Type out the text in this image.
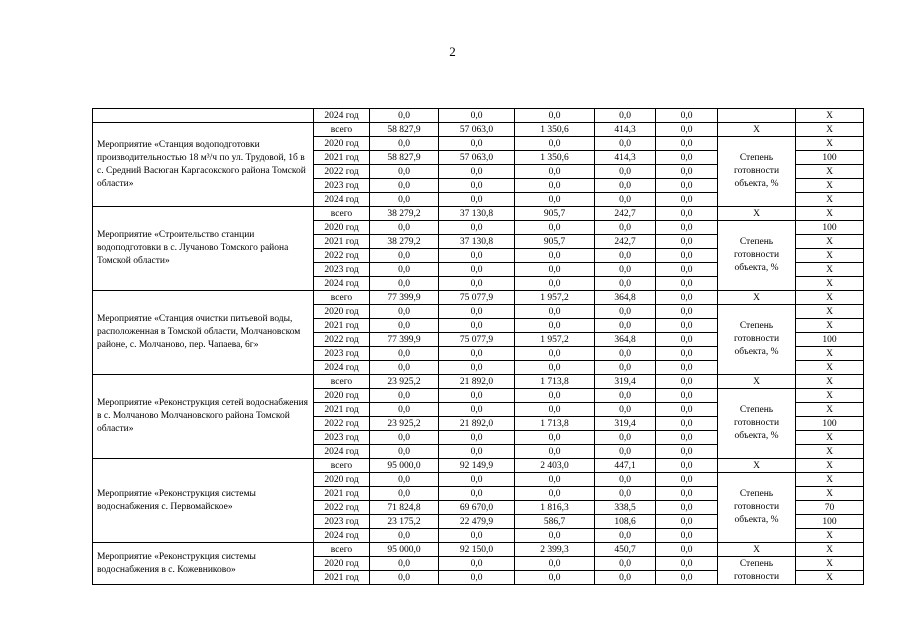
2
	2024 год	0,0	0,0	0,0	0,0	0,0		X
Мероприятие «Станция водоподготовки производительностью 18 м³/ч по ул. Трудовой, 1б в с. Средний Васюган Каргасокского района Томской области»	всего	58 827,9	57 063,0	1 350,6	414,3	0,0	X	X
	2020 год	0,0	0,0	0,0	0,0	0,0	Степень готовности объекта, %	X
	2021 год	58 827,9	57 063,0	1 350,6	414,3	0,0		100
	2022 год	0,0	0,0	0,0	0,0	0,0		X
	2023 год	0,0	0,0	0,0	0,0	0,0		X
	2024 год	0,0	0,0	0,0	0,0	0,0		X
Мероприятие «Строительство станции водоподготовки в с. Лучаново Томского района Томской области»	всего	38 279,2	37 130,8	905,7	242,7	0,0	X	X
	2020 год	0,0	0,0	0,0	0,0	0,0	Степень готовности объекта, %	100
	2021 год	38 279,2	37 130,8	905,7	242,7	0,0		X
	2022 год	0,0	0,0	0,0	0,0	0,0		X
	2023 год	0,0	0,0	0,0	0,0	0,0		X
	2024 год	0,0	0,0	0,0	0,0	0,0		X
Мероприятие «Станция очистки питьевой воды, расположенная в Томской области, Молчановском районе, с. Молчаново, пер. Чапаева, 6г»	всего	77 399,9	75 077,9	1 957,2	364,8	0,0	X	X
	2020 год	0,0	0,0	0,0	0,0	0,0	Степень готовности объекта, %	X
	2021 год	0,0	0,0	0,0	0,0	0,0		X
	2022 год	77 399,9	75 077,9	1 957,2	364,8	0,0		100
	2023 год	0,0	0,0	0,0	0,0	0,0		X
	2024 год	0,0	0,0	0,0	0,0	0,0		X
Мероприятие «Реконструкция сетей водоснабжения в с. Молчаново Молчановского района Томской области»	всего	23 925,2	21 892,0	1 713,8	319,4	0,0	X	X
	2020 год	0,0	0,0	0,0	0,0	0,0	Степень готовности объекта, %	X
	2021 год	0,0	0,0	0,0	0,0	0,0		X
	2022 год	23 925,2	21 892,0	1 713,8	319,4	0,0		100
	2023 год	0,0	0,0	0,0	0,0	0,0		X
	2024 год	0,0	0,0	0,0	0,0	0,0		X
Мероприятие «Реконструкция системы водоснабжения с. Первомайское»	всего	95 000,0	92 149,9	2 403,0	447,1	0,0	X	X
	2020 год	0,0	0,0	0,0	0,0	0,0	Степень готовности объекта, %	X
	2021 год	0,0	0,0	0,0	0,0	0,0		X
	2022 год	71 824,8	69 670,0	1 816,3	338,5	0,0		70
	2023 год	23 175,2	22 479,9	586,7	108,6	0,0		100
	2024 год	0,0	0,0	0,0	0,0	0,0		X
Мероприятие «Реконструкция системы водоснабжения в с. Кожевниково»	всего	95 000,0	92 150,0	2 399,3	450,7	0,0	X	X
	2020 год	0,0	0,0	0,0	0,0	0,0	Степень готовности	X
	2021 год	0,0	0,0	0,0	0,0	0,0		X
